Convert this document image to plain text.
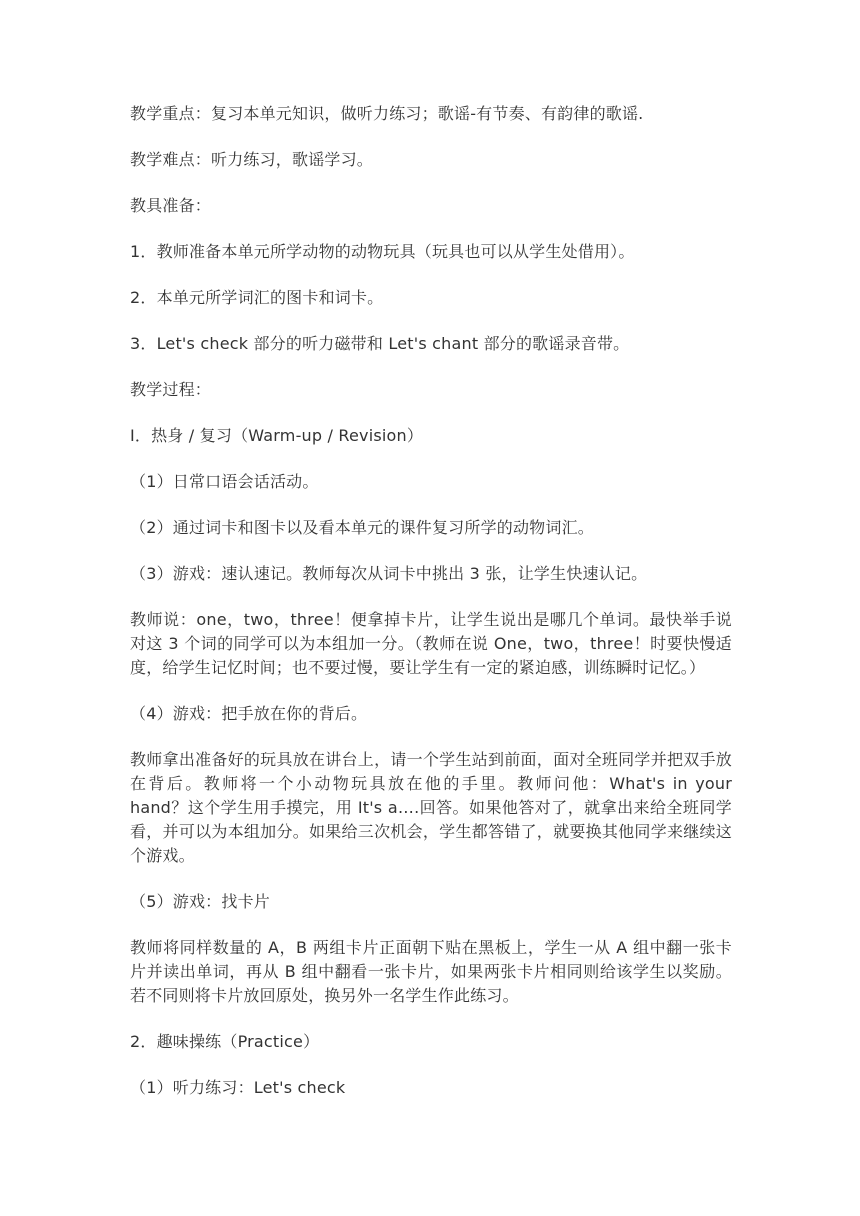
教学重点：复习本单元知识，做听力练习；歌谣-有节奏、有韵律的歌谣.

教学难点：听力练习，歌谣学习。

教具准备：

1．教师准备本单元所学动物的动物玩具（玩具也可以从学生处借用）。

2．本单元所学词汇的图卡和词卡。

3．Let's check 部分的听力磁带和 Let's chant 部分的歌谣录音带。

教学过程：

I．热身 / 复习（Warm-up / Revision）

（1）日常口语会话活动。

（2）通过词卡和图卡以及看本单元的课件复习所学的动物词汇。

（3）游戏：速认速记。教师每次从词卡中挑出 3 张，让学生快速认记。

教师说：one，two，three！便拿掉卡片，让学生说出是哪几个单词。最快举手说对这 3 个词的同学可以为本组加一分。（教师在说 One，two，three！时要快慢适度，给学生记忆时间；也不要过慢，要让学生有一定的紧迫感，训练瞬时记忆。）

（4）游戏：把手放在你的背后。

教师拿出准备好的玩具放在讲台上，请一个学生站到前面，面对全班同学并把双手放在背后。教师将一个小动物玩具放在他的手里。教师问他：What's in your hand？这个学生用手摸完，用 It's a….回答。如果他答对了，就拿出来给全班同学看，并可以为本组加分。如果给三次机会，学生都答错了，就要换其他同学来继续这个游戏。

（5）游戏：找卡片

教师将同样数量的 A，B 两组卡片正面朝下贴在黑板上，学生一从 A 组中翻一张卡片并读出单词，再从 B 组中翻看一张卡片，如果两张卡片相同则给该学生以奖励。若不同则将卡片放回原处，换另外一名学生作此练习。

2．趣味操练（Practice）

（1）听力练习：Let's check
